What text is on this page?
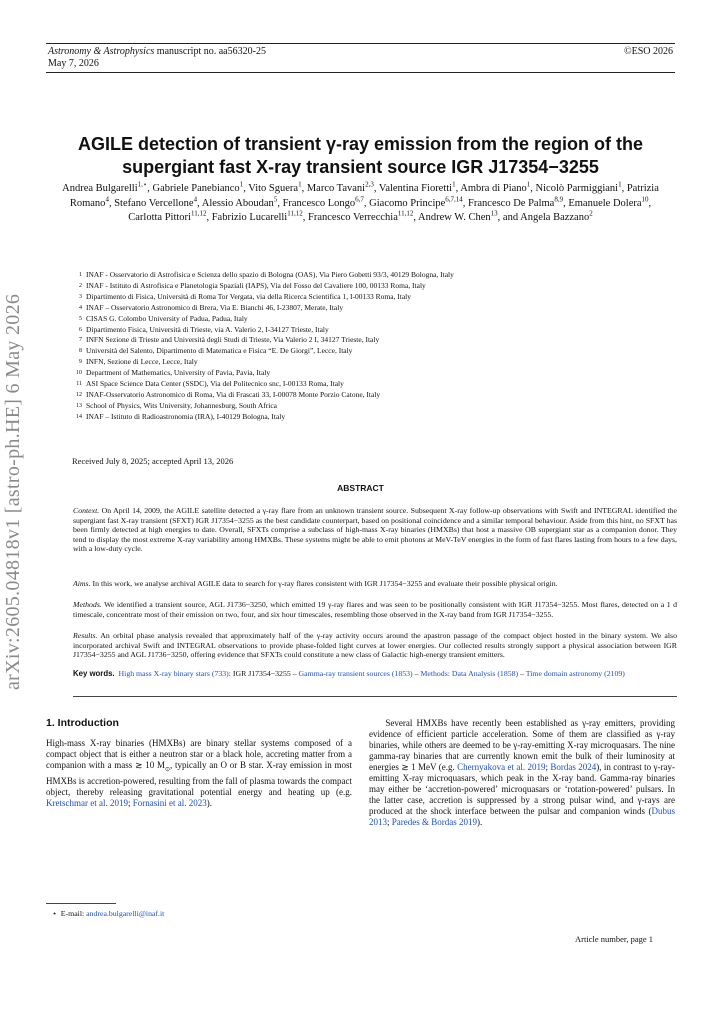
Astronomy & Astrophysics manuscript no. aa56320-25
May 7, 2026
©ESO 2026
arXiv:2605.04818v1 [astro-ph.HE] 6 May 2026
AGILE detection of transient γ-ray emission from the region of the supergiant fast X-ray transient source IGR J17354−3255
Andrea Bulgarelli$^{1,⋆}$, Gabriele Panebianco$^1$, Vito Sguera$^1$, Marco Tavani$^{2,3}$, Valentina Fioretti$^1$, Ambra di Piano$^1$, Nicolò Parmiggiani$^1$, Patrizia Romano$^4$, Stefano Vercellone$^4$, Alessio Aboudan$^5$, Francesco Longo$^{6,7}$, Giacomo Principe$^{6,7,14}$, Francesco De Palma$^{8,9}$, Emanuele Dolera$^{10}$, Carlotta Pittori$^{11,12}$, Fabrizio Lucarelli$^{11,12}$, Francesco Verrecchia$^{11,12}$, Andrew W. Chen$^{13}$, and Angela Bazzano$^2$
1 INAF - Osservatorio di Astrofisica e Scienza dello spazio di Bologna (OAS), Via Piero Gobetti 93/3, 40129 Bologna, Italy
2 INAF - Istituto di Astrofisica e Planetologia Spaziali (IAPS), Via del Fosso del Cavaliere 100, 00133 Roma, Italy
3 Dipartimento di Fisica, Università di Roma Tor Vergata, via della Ricerca Scientifica 1, I-00133 Roma, Italy
4 INAF – Osservatorio Astronomico di Brera, Via E. Bianchi 46, I-23807, Merate, Italy
5 CISAS G. Colombo University of Padua, Padua, Italy
6 Dipartimento Fisica, Università di Trieste, via A. Valerio 2, I-34127 Trieste, Italy
7 INFN Sezione di Trieste and Università degli Studi di Trieste, Via Valerio 2 I, 34127 Trieste, Italy
8 Università del Salento, Dipartimento di Matematica e Fisica “E. De Giorgi”, Lecce, Italy
9 INFN, Sezione di Lecce, Lecce, Italy
10 Department of Mathematics, University of Pavia, Pavia, Italy
11 ASI Space Science Data Center (SSDC), Via del Politecnico snc, I-00133 Roma, Italy
12 INAF-Osservatorio Astronomico di Roma, Via di Frascati 33, I-00078 Monte Porzio Catone, Italy
13 School of Physics, Wits University, Johannesburg, South Africa
14 INAF – Istituto di Radioastronomia (IRA), I-40129 Bologna, Italy
Received July 8, 2025; accepted April 13, 2026
ABSTRACT
Context. On April 14, 2009, the AGILE satellite detected a γ-ray flare from an unknown transient source. Subsequent X-ray follow-up observations with Swift and INTEGRAL identified the supergiant fast X-ray transient (SFXT) IGR J17354−3255 as the best candidate counterpart, based on positional coincidence and a similar temporal behaviour. Aside from this hint, no SFXT has been firmly detected at high energies to date. Overall, SFXTs comprise a subclass of high-mass X-ray binaries (HMXBs) that host a massive OB supergiant star as a companion donor. They tend to display the most extreme X-ray variability among HMXBs. These systems might be able to emit photons at MeV-TeV energies in the form of fast flares lasting from hours to a few days, with a low-duty cycle.
Aims. In this work, we analyse archival AGILE data to search for γ-ray flares consistent with IGR J17354−3255 and evaluate their possible physical origin.
Methods. We identified a transient source, AGL J1736−3250, which emitted 19 γ-ray flares and was seen to be positionally consistent with IGR J17354−3255. Most flares, detected on a 1 d timescale, concentrate most of their emission on two, four, and six hour timescales, resembling those observed in the X-ray band from IGR J17354−3255.
Results. An orbital phase analysis revealed that approximately half of the γ-ray activity occurs around the apastron passage of the compact object hosted in the binary system. We also incorporated archival Swift and INTEGRAL observations to provide phase-folded light curves at lower energies. Our collected results strongly support a physical association between IGR J17354−3255 and AGL J1736−3250, offering evidence that SFXTs could constitute a new class of Galactic high-energy transient emitters.
Key words. High mass X-ray binary stars (733): IGR J17354−3255 – Gamma-ray transient sources (1853) – Methods: Data Analysis (1858) – Time domain astronomy (2109)
1. Introduction
High-mass X-ray binaries (HMXBs) are binary stellar systems composed of a compact object that is either a neutron star or a black hole, accreting matter from a companion with a mass ≳ 10 $M_⊙$, typically an O or B star. X-ray emission in most HMXBs is accretion-powered, resulting from the fall of plasma towards the compact object, thereby releasing gravitational potential energy and heating up (e.g. Kretschmar et al. 2019; Fornasini et al. 2023).
Several HMXBs have recently been established as γ-ray emitters, providing evidence of efficient particle acceleration. Some of them are classified as γ-ray binaries, while others are deemed to be γ-ray-emitting X-ray microquasars. The nine gamma-ray binaries that are currently known emit the bulk of their luminosity at energies ≳ 1 MeV (e.g. Chernyakova et al. 2019; Bordas 2024), in contrast to γ-ray-emitting X-ray microquasars, which peak in the X-ray band. Gamma-ray binaries may either be ‘accretion-powered’ microquasars or ‘rotation-powered’ pulsars. In the latter case, accretion is suppressed by a strong pulsar wind, and γ-rays are produced at the shock interface between the pulsar and companion winds (Dubus 2013; Paredes & Bordas 2019).
⋆ E-mail: andrea.bulgarelli@inaf.it
Article number, page 1
